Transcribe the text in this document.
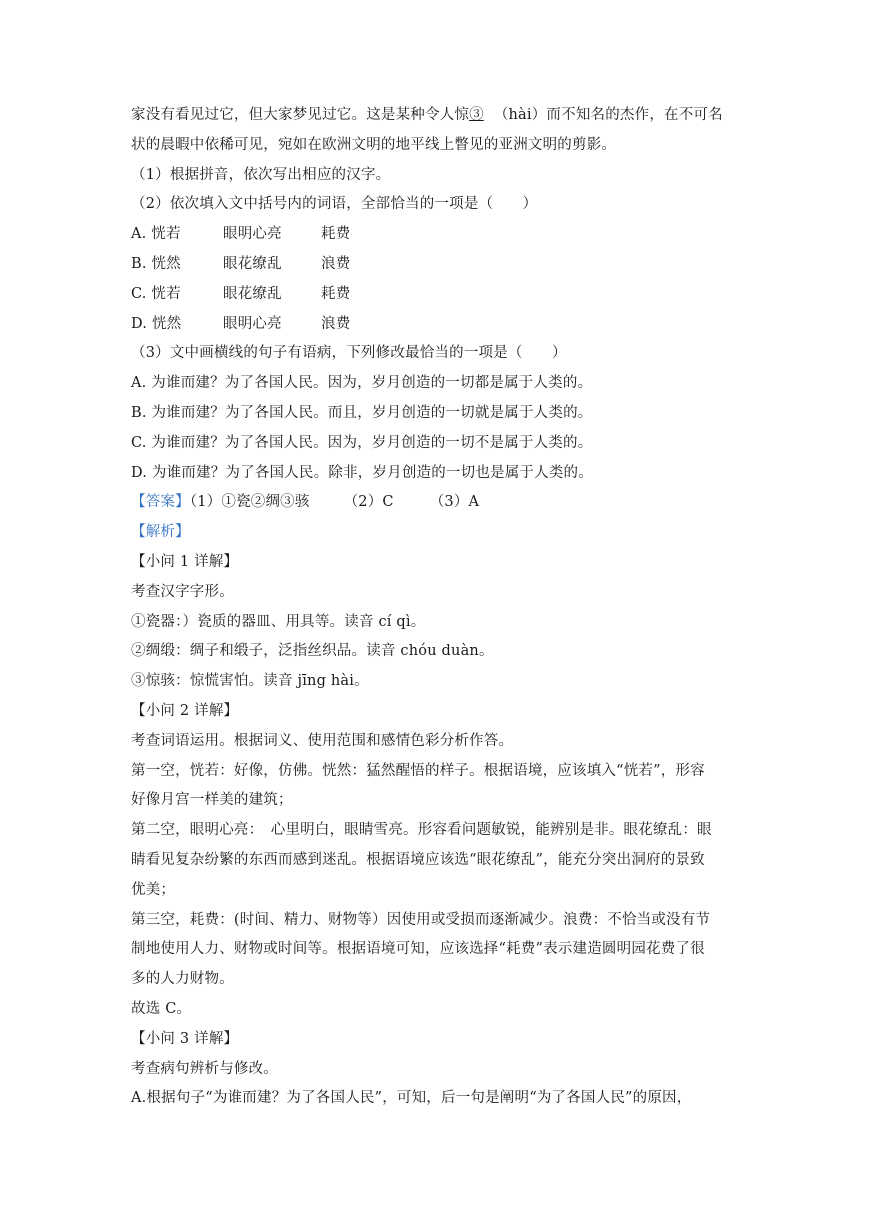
家没有看见过它，但大家梦见过它。这是某种令人惊③ （hài）而不知名的杰作，在不可名
状的晨暇中依稀可见，宛如在欧洲文明的地平线上瞥见的亚洲文明的剪影。
（1）根据拼音，依次写出相应的汉字。
（2）依次填入文中括号内的词语，全部恰当的一项是（　　）
A. 恍若	眼明心亮	耗费
B. 恍然	眼花缭乱	浪费
C. 恍若	眼花缭乱	耗费
D. 恍然	眼明心亮	浪费
（3）文中画横线的句子有语病，下列修改最恰当的一项是（　　）
A. 为谁而建？为了各国人民。因为，岁月创造的一切都是属于人类的。
B. 为谁而建？为了各国人民。而且，岁月创造的一切就是属于人类的。
C. 为谁而建？为了各国人民。因为，岁月创造的一切不是属于人类的。
D. 为谁而建？为了各国人民。除非，岁月创造的一切也是属于人类的。
【答案】（1）①瓷②绸③骇 （2）C （3）A
【解析】
【小问 1 详解】
考查汉字字形。
①瓷器：）瓷质的器皿、用具等。读音 cí qì。
②绸缎：绸子和缎子，泛指丝织品。读音 chóu duàn。
③惊骇：惊慌害怕。读音 jīng hài。
【小问 2 详解】
考查词语运用。根据词义、使用范围和感情色彩分析作答。
第一空，恍若：好像，仿佛。恍然：猛然醒悟的样子。根据语境，应该填入“恍若”，形容
好像月宫一样美的建筑；
第二空，眼明心亮：　心里明白，眼睛雪亮。形容看问题敏锐，能辨别是非。眼花缭乱：眼
睛看见复杂纷繁的东西而感到迷乱。根据语境应该选“眼花缭乱”，能充分突出洞府的景致
优美；
第三空，耗费：(时间、精力、财物等）因使用或受损而逐渐减少。浪费：不恰当或没有节
制地使用人力、财物或时间等。根据语境可知，应该选择“耗费”表示建造圆明园花费了很
多的人力财物。
故选 C。
【小问 3 详解】
考查病句辨析与修改。
A.根据句子“为谁而建？为了各国人民”，可知，后一句是阐明“为了各国人民”的原因，
